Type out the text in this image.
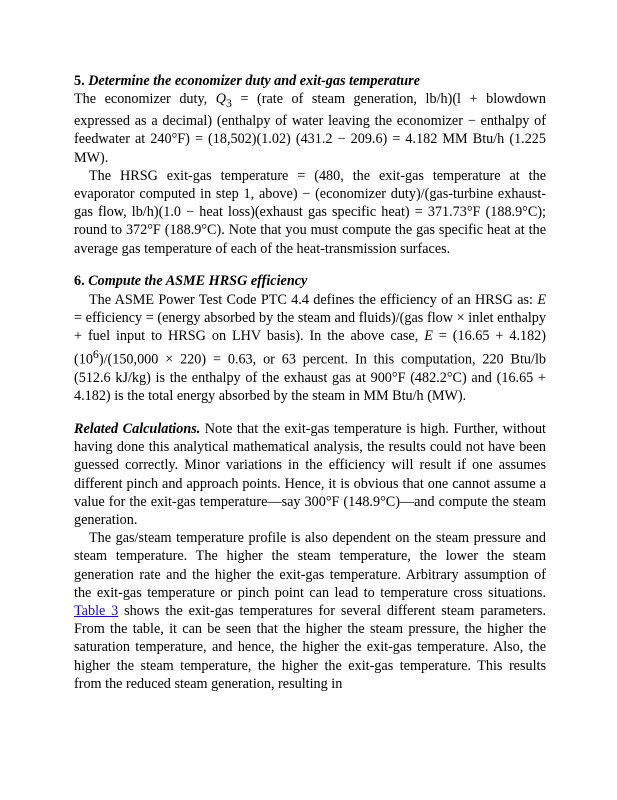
5. Determine the economizer duty and exit-gas temperature

The economizer duty, $Q_3$ = (rate of steam generation, lb/h)(l + blowdown expressed as a decimal) (enthalpy of water leaving the economizer − enthalpy of feedwater at 240°F) = (18,502)(1.02) (431.2 − 209.6) = 4.182 MM Btu/h (1.225 MW).

The HRSG exit-gas temperature = (480, the exit-gas temperature at the evaporator computed in step 1, above) − (economizer duty)/(gas-turbine exhaust-gas flow, lb/h)(1.0 − heat loss)(exhaust gas specific heat) = 371.73°F (188.9°C); round to 372°F (188.9°C). Note that you must compute the gas specific heat at the average gas temperature of each of the heat-transmission surfaces.

6. Compute the ASME HRSG efficiency

The ASME Power Test Code PTC 4.4 defines the efficiency of an HRSG as: E = efficiency = (energy absorbed by the steam and fluids)/(gas flow × inlet enthalpy + fuel input to HRSG on LHV basis). In the above case, $E = (16.65 + 4.182)(10^6)/(150,000 \times 220) = 0.63$, or 63 percent. In this computation, 220 Btu/lb (512.6 kJ/kg) is the enthalpy of the exhaust gas at 900°F (482.2°C) and (16.65 + 4.182) is the total energy absorbed by the steam in MM Btu/h (MW).

Related Calculations. Note that the exit-gas temperature is high. Further, without having done this analytical mathematical analysis, the results could not have been guessed correctly. Minor variations in the efficiency will result if one assumes different pinch and approach points. Hence, it is obvious that one cannot assume a value for the exit-gas temperature—say 300°F (148.9°C)—and compute the steam generation.

The gas/steam temperature profile is also dependent on the steam pressure and steam temperature. The higher the steam temperature, the lower the steam generation rate and the higher the exit-gas temperature. Arbitrary assumption of the exit-gas temperature or pinch point can lead to temperature cross situations. Table 3 shows the exit-gas temperatures for several different steam parameters. From the table, it can be seen that the higher the steam pressure, the higher the saturation temperature, and hence, the higher the exit-gas temperature. Also, the higher the steam temperature, the higher the exit-gas temperature. This results from the reduced steam generation, resulting in
